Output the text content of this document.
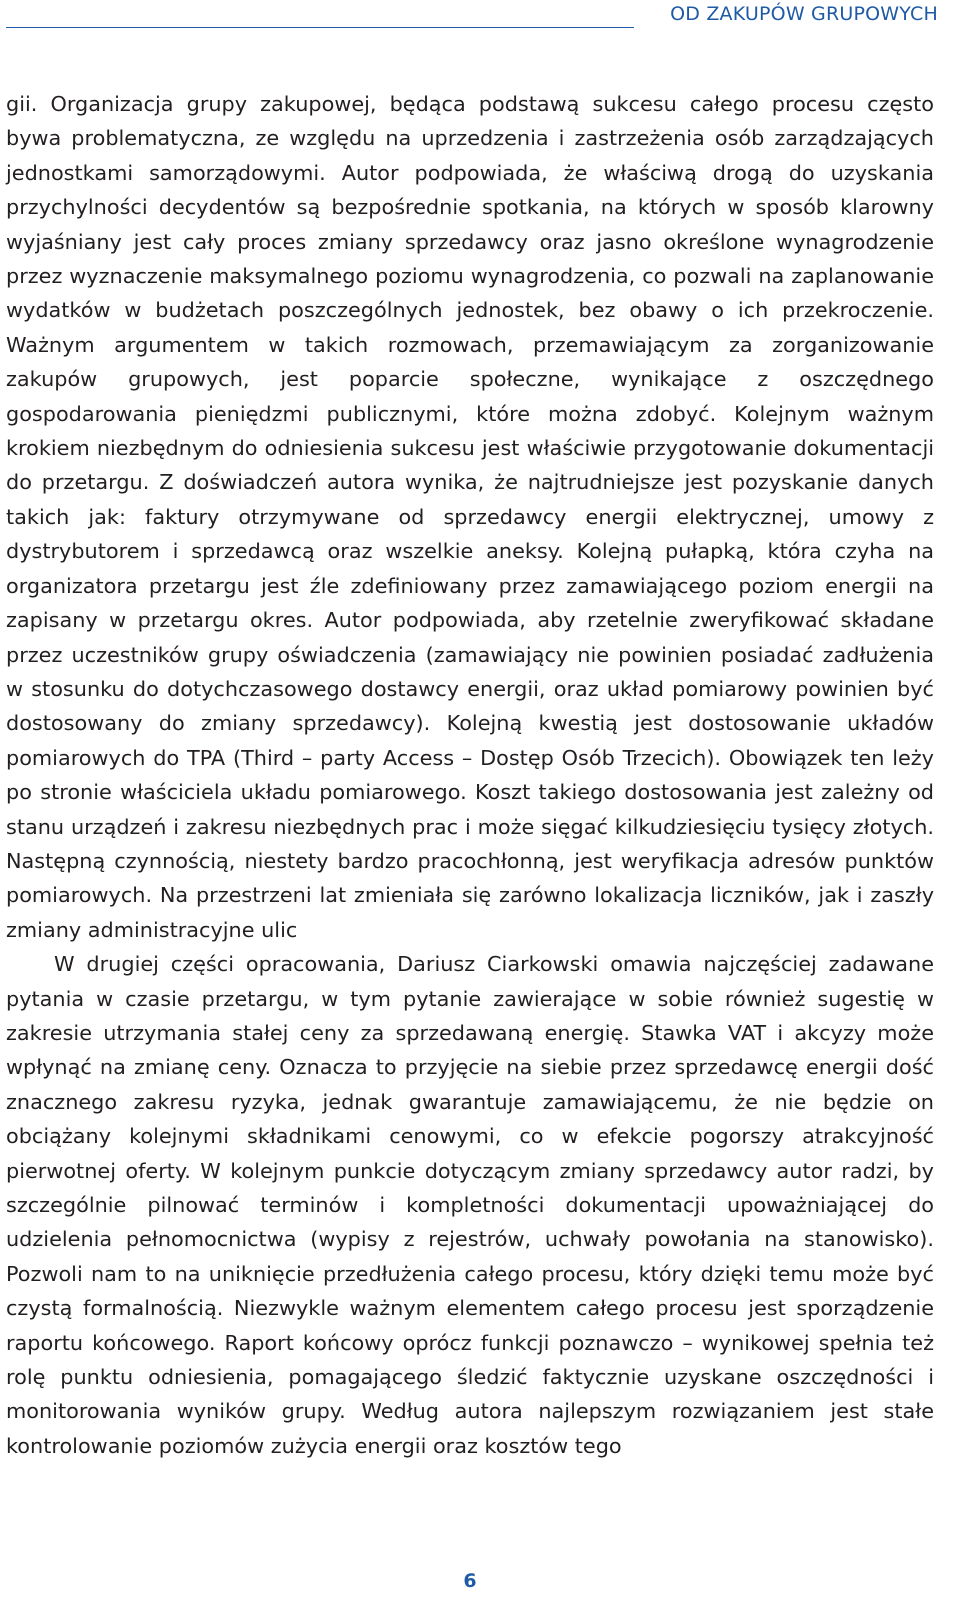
OD ZAKUPÓW GRUPOWYCH

gii. Organizacja grupy zakupowej, będąca podstawą sukcesu całego procesu często bywa problematyczna, ze względu na uprzedzenia i zastrzeżenia osób zarządzających jednostkami samorządowymi. Autor podpowiada, że właściwą drogą do uzyskania przychylności decydentów są bezpośrednie spotkania, na których w sposób klarowny wyjaśniany jest cały proces zmiany sprzedawcy oraz jasno określone wynagrodzenie przez wyznaczenie maksymalnego poziomu wynagrodzenia, co pozwali na zaplanowanie wydatków w budżetach poszczególnych jednostek, bez obawy o ich przekroczenie. Ważnym argumentem w takich rozmowach, przemawiającym za zorganizowanie zakupów grupowych, jest poparcie społeczne, wynikające z oszczędnego gospodarowania pieniędzmi publicznymi, które można zdobyć. Kolejnym ważnym krokiem niezbędnym do odniesienia sukcesu jest właściwie przygotowanie dokumentacji do przetargu. Z doświadczeń autora wynika, że najtrudniejsze jest pozyskanie danych takich jak: faktury otrzymywane od sprzedawcy energii elektrycznej, umowy z dystrybutorem i sprzedawcą oraz wszelkie aneksy. Kolejną pułapką, która czyha na organizatora przetargu jest źle zdefiniowany przez zamawiającego poziom energii na zapisany w przetargu okres. Autor podpowiada, aby rzetelnie zweryfikować składane przez uczestników grupy oświadczenia (zamawiający nie powinien posiadać zadłużenia w stosunku do dotychczasowego dostawcy energii, oraz układ pomiarowy powinien być dostosowany do zmiany sprzedawcy). Kolejną kwestią jest dostosowanie układów pomiarowych do TPA (Third – party Access – Dostęp Osób Trzecich). Obowiązek ten leży po stronie właściciela układu pomiarowego. Koszt takiego dostosowania jest zależny od stanu urządzeń i zakresu niezbędnych prac i może sięgać kilkudziesięciu tysięcy złotych. Następną czynnością, niestety bardzo pracochłonną, jest weryfikacja adresów punktów pomiarowych. Na przestrzeni lat zmieniała się zarówno lokalizacja liczników, jak i zaszły zmiany administracyjne ulic

W drugiej części opracowania, Dariusz Ciarkowski omawia najczęściej zadawane pytania w czasie przetargu, w tym pytanie zawierające w sobie również sugestię w zakresie utrzymania stałej ceny za sprzedawaną energię. Stawka VAT i akcyzy może wpłynąć na zmianę ceny. Oznacza to przyjęcie na siebie przez sprzedawcę energii dość znacznego zakresu ryzyka, jednak gwarantuje zamawiającemu, że nie będzie on obciążany kolejnymi składnikami cenowymi, co w efekcie pogorszy atrakcyjność pierwotnej oferty. W kolejnym punkcie dotyczącym zmiany sprzedawcy autor radzi, by szczególnie pilnować terminów i kompletności dokumentacji upoważniającej do udzielenia pełnomocnictwa (wypisy z rejestrów, uchwały powołania na stanowisko). Pozwoli nam to na uniknięcie przedłużenia całego procesu, który dzięki temu może być czystą formalnością. Niezwykle ważnym elementem całego procesu jest sporządzenie raportu końcowego. Raport końcowy oprócz funkcji poznawczo – wynikowej spełnia też rolę punktu odniesienia, pomagającego śledzić faktycznie uzyskane oszczędności i monitorowania wyników grupy. Według autora najlepszym rozwiązaniem jest stałe kontrolowanie poziomów zużycia energii oraz kosztów tego

6
